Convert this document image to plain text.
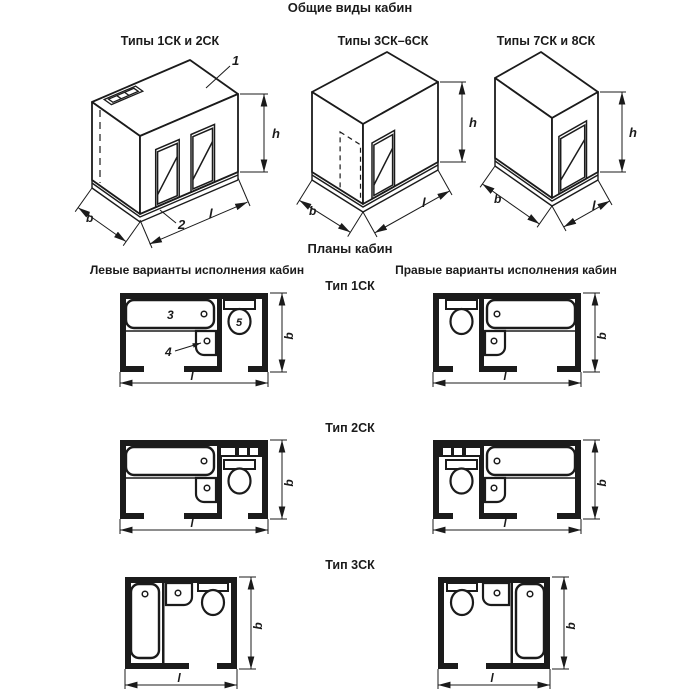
Общие виды кабин
Типы 1СК и 2СК	Типы 3СК–6СК	Типы 7СК и 8СК
h
b	l
1
2
h
b
l
h
b	l
Планы кабин
Левые варианты исполнения кабин	Правые варианты исполнения кабин
Тип 1СК
3
4
5
b
l
b
l
Тип 2СК
b
l
b
l
Тип 3СК
b
l
b
l
